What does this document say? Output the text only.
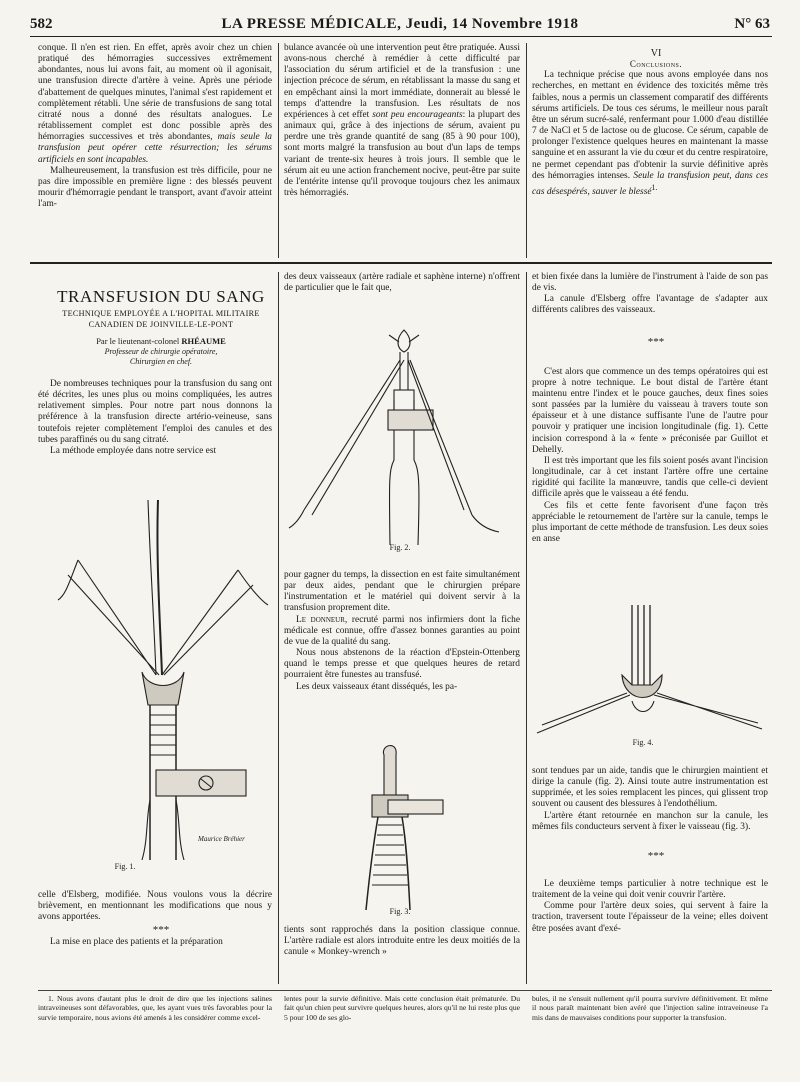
582	LA PRESSE MÉDICALE, Jeudi, 14 Novembre 1918	N° 63

conque. Il n'en est rien. En effet, après avoir chez un chien pratiqué des hémorragies successives extrêmement abondantes, nous lui avons fait, au moment où il agonisait, une transfusion directe d'artère à veine. Après une période d'abattement de quelques minutes, l'animal s'est rapidement et complètement rétabli. Une série de transfusions de sang total citraté nous a donné des résultats analogues. Le rétablissement complet est donc possible après des hémorragies successives et très abondantes, mais seule la transfusion peut opérer cette résurrection; les sérums artificiels en sont incapables.

Malheureusement, la transfusion est très difficile, pour ne pas dire impossible en première ligne : des blessés peuvent mourir d'hémorragie pendant le transport, avant d'avoir atteint l'am-

bulance avancée où une intervention peut être pratiquée. Aussi avons-nous cherché à remédier à cette difficulté par l'association du sérum artificiel et de la transfusion : une injection précoce de sérum, en rétablissant la masse du sang et en empêchant ainsi la mort immédiate, donnerait au blessé le temps d'attendre la transfusion. Les résultats de nos expériences à cet effet sont peu encourageants: la plupart des animaux qui, grâce à des injections de sérum, avaient pu perdre une très grande quantité de sang (85 à 90 pour 100), sont morts malgré la transfusion au bout d'un laps de temps variant de trente-six heures à trois jours. Il semble que le sérum ait eu une action franchement nocive, peut-être par suite de l'entérite intense qu'il provoque toujours chez les animaux très hémorragiés.

VI

Conclusions.

La technique précise que nous avons employée dans nos recherches, en mettant en évidence des toxicités même très faibles, nous a permis un classement comparatif des différents sérums artificiels. De tous ces sérums, le meilleur nous paraît être un sérum sucré-salé, renfermant pour 1.000 d'eau distillée 7 de NaCl et 5 de lactose ou de glucose. Ce sérum, capable de prolonger l'existence quelques heures en maintenant la masse sanguine et en assurant la vie du cœur et du centre respiratoire, ne permet cependant pas d'obtenir la survie définitive après des hémorragies intenses. Seule la transfusion peut, dans ces cas désespérés, sauver le blessé$^{1.}$

TRANSFUSION DU SANG

TECHNIQUE EMPLOYÉE A L'HOPITAL MILITAIRE

CANADIEN DE JOINVILLE-LE-PONT

Par le lieutenant-colonel RHÉAUME

Professeur de chirurgie opératoire,

Chirurgien en chef.

De nombreuses techniques pour la transfusion du sang ont été décrites, les unes plus ou moins compliquées, les autres relativement simples. Pour notre part nous donnons la préférence à la transfusion directe artério-veineuse, sans toutefois rejeter complètement l'emploi des canules et des tubes paraffinés ou du sang citraté.

La méthode employée dans notre service est

Fig. 1.
Maurice Bréhier

celle d'Elsberg, modifiée. Nous voulons vous la décrire brièvement, en mentionnant les modifications que nous y avons apportées.

***

La mise en place des patients et la préparation

des deux vaisseaux (artère radiale et saphène interne) n'offrent de particulier que le fait que,

Fig. 2.

pour gagner du temps, la dissection en est faite simultanément par deux aides, pendant que le chirurgien prépare l'instrumentation et le matériel qui doivent servir à la transfusion proprement dite.

Le donneur, recruté parmi nos infirmiers dont la fiche médicale est connue, offre d'assez bonnes garanties au point de vue de la qualité du sang.

Nous nous abstenons de la réaction d'Epstein-Ottenberg quand le temps presse et que quelques heures de retard pourraient être funestes au transfusé.

Les deux vaisseaux étant disséqués, les pa-

Fig. 3.

tients sont rapprochés dans la position classique connue. L'artère radiale est alors introduite entre les deux moitiés de la canule « Monkey-wrench »

et bien fixée dans la lumière de l'instrument à l'aide de son pas de vis.

La canule d'Elsberg offre l'avantage de s'adapter aux différents calibres des vaisseaux.

***

C'est alors que commence un des temps opératoires qui est propre à notre technique. Le bout distal de l'artère étant maintenu entre l'index et le pouce gauches, deux fines soies sont passées par la lumière du vaisseau à travers toute son épaisseur et à une distance suffisante l'une de l'autre pour pouvoir y pratiquer une incision longitudinale (fig. 1). Cette incision correspond à la « fente » préconisée par Guillot et Dehelly.

Il est très important que les fils soient posés avant l'incision longitudinale, car à cet instant l'artère offre une certaine rigidité qui facilite la manœuvre, tandis que celle-ci devient difficile après que le vaisseau a été fendu.

Ces fils et cette fente favorisent d'une façon très appréciable le retournement de l'artère sur la canule, temps le plus important de cette méthode de transfusion. Les deux soies en anse

Fig. 4.

sont tendues par un aide, tandis que le chirurgien maintient et dirige la canule (fig. 2). Ainsi toute autre instrumentation est supprimée, et les soies remplacent les pinces, qui glissent trop souvent ou causent des blessures à l'endothélium.

L'artère étant retournée en manchon sur la canule, les mêmes fils conducteurs servent à fixer le vaisseau (fig. 3).

***

Le deuxième temps particulier à notre technique est le traitement de la veine qui doit venir couvrir l'artère.

Comme pour l'artère deux soies, qui servent à faire la traction, traversent toute l'épaisseur de la veine; elles doivent être posées avant d'exé-

1. Nous avons d'autant plus le droit de dire que les injections salines intraveineuses sont défavorables, que, les ayant vues très favorables pour la survie temporaire, nous avions été amenés à les considérer comme excel-

lentes pour la survie définitive. Mais cette conclusion était prématurée. Du fait qu'un chien peut survivre quelques heures, alors qu'il ne lui reste plus que 5 pour 100 de ses glo-

bules, il ne s'ensuit nullement qu'il pourra survivre définitivement. Et même il nous paraît maintenant bien avéré que l'injection saline intraveineuse l'a mis dans de mauvaises conditions pour supporter la transfusion.
